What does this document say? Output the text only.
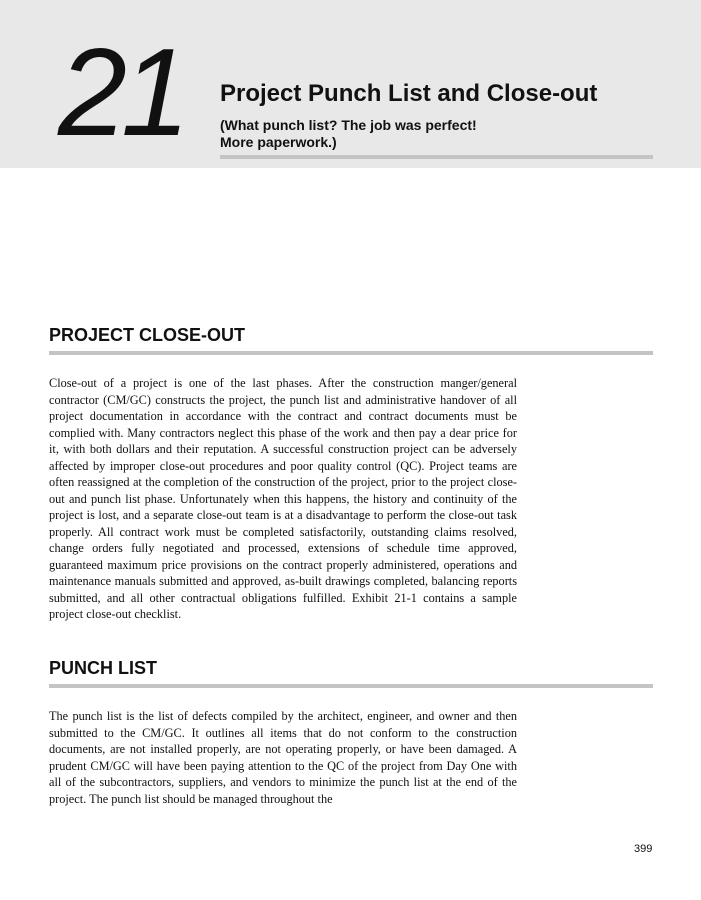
21 Project Punch List and Close-out
(What punch list? The job was perfect!
More paperwork.)
PROJECT CLOSE-OUT

Close-out of a project is one of the last phases. After the construction manger/general contractor (CM/GC) constructs the project, the punch list and administrative handover of all project documentation in accordance with the contract and contract documents must be complied with. Many contractors neglect this phase of the work and then pay a dear price for it, with both dollars and their reputation. A successful construction project can be adversely affected by improper close-out procedures and poor quality control (QC). Project teams are often reassigned at the completion of the construction of the project, prior to the project close-out and punch list phase. Unfortunately when this happens, the history and continuity of the project is lost, and a separate close-out team is at a disadvantage to perform the close-out task properly. All contract work must be completed satisfactorily, outstanding claims resolved, change orders fully negotiated and processed, extensions of schedule time approved, guaranteed maximum price provisions on the contract properly administered, operations and maintenance manuals submitted and approved, as-built drawings completed, balancing reports submitted, and all other contractual obligations fulfilled. Exhibit 21-1 contains a sample project close-out checklist.

PUNCH LIST

The punch list is the list of defects compiled by the architect, engineer, and owner and then submitted to the CM/GC. It outlines all items that do not conform to the construction documents, are not installed properly, are not operating properly, or have been damaged. A prudent CM/GC will have been paying attention to the QC of the project from Day One with all of the subcontractors, suppliers, and vendors to minimize the punch list at the end of the project. The punch list should be managed throughout the

399
